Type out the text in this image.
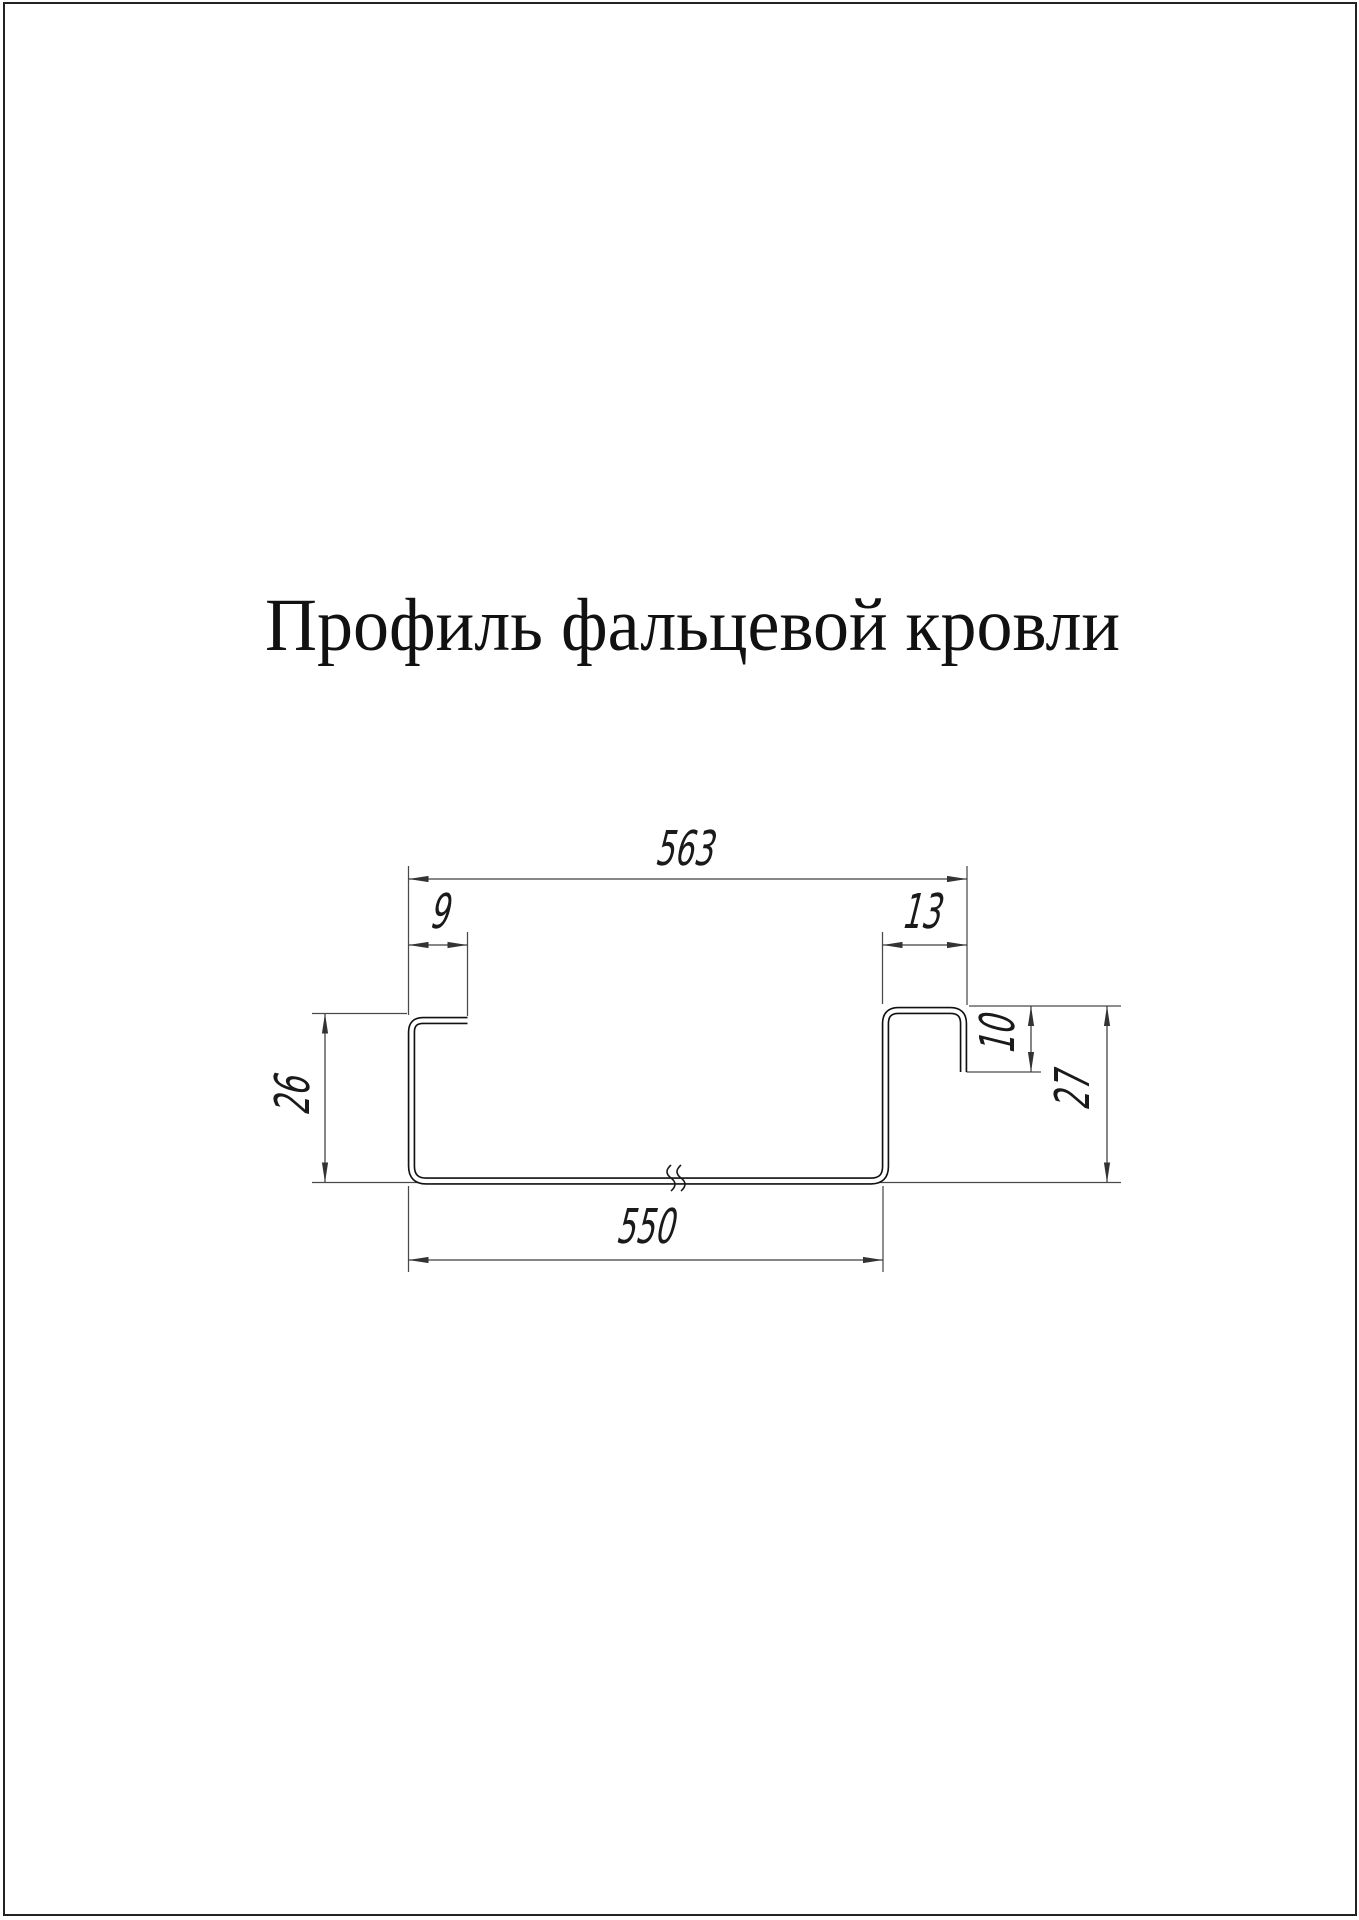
Профиль фальцевой кровли
563
9	13
26
10
27
550
